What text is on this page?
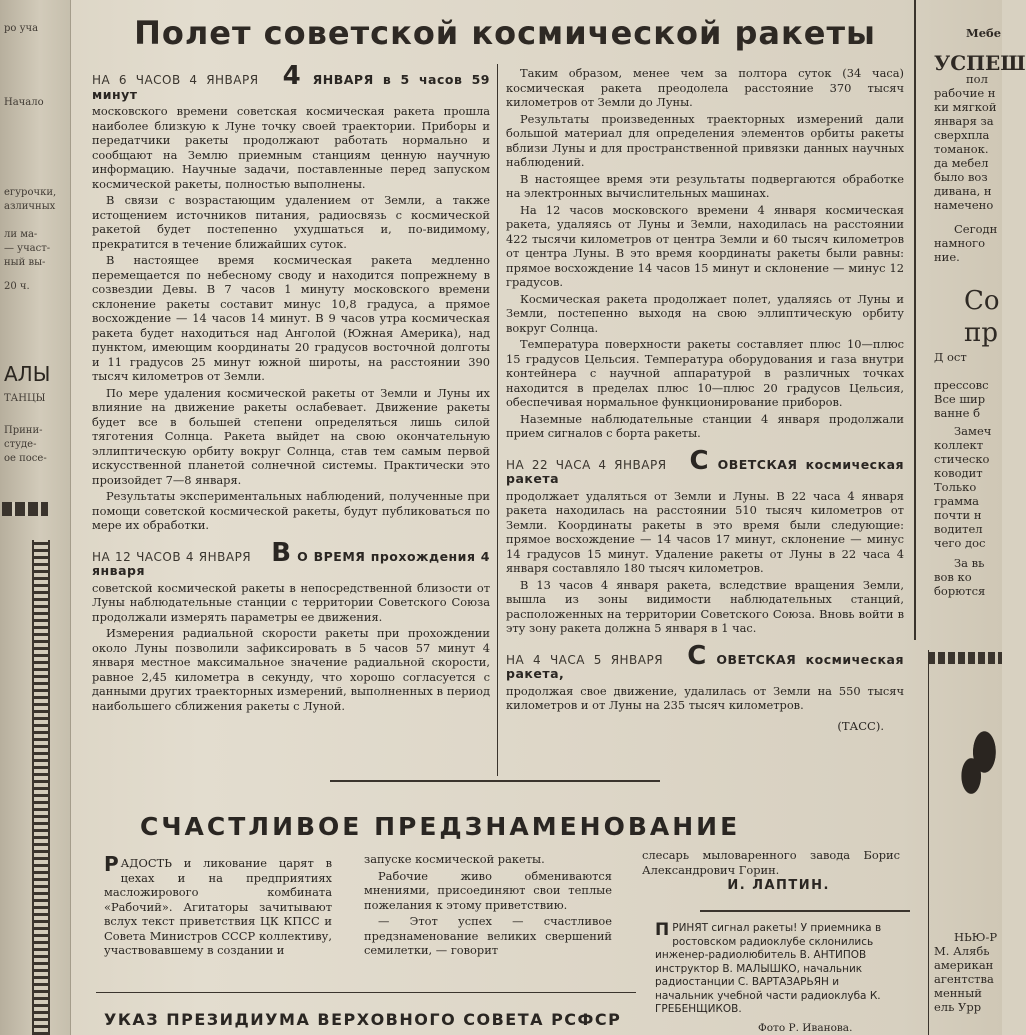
ро уча
Начало
егурочки,
азличных
ли ма-
— участ-
ный вы-
20 ч.
АЛЫ
ТАНЦЫ
Прини-
студе-
ое посе-
Полет советской космической ракеты

НА 6 ЧАСОВ 4 ЯНВАРЯ 4 ЯНВАРЯ в 5 часов 59 минут

московского времени советская космическая ракета прошла наиболее близкую к Луне точку своей траектории. Приборы и передатчики ракеты продолжают работать нормально и сообщают на Землю приемным станциям ценную научную информацию. Научные задачи, поставленные перед запуском космической ракеты, полностью выполнены.

В связи с возрастающим удалением от Земли, а также истощением источников питания, радиосвязь с космической ракетой будет постепенно ухудшаться и, по-видимому, прекратится в течение ближайших суток.

В настоящее время космическая ракета медленно перемещается по небесному своду и находится попрежнему в созвездии Девы. В 7 часов 1 минуту московского времени склонение ракеты составит минус 10,8 градуса, а прямое восхождение — 14 часов 14 минут. В 9 часов утра космическая ракета будет находиться над Анголой (Южная Америка), над пунктом, имеющим координаты 20 градусов восточной долготы и 11 градусов 25 минут южной широты, на расстоянии 390 тысяч километров от Земли.

По мере удаления космической ракеты от Земли и Луны их влияние на движение ракеты ослабевает. Движение ракеты будет все в большей степени определяться лишь силой тяготения Солнца. Ракета выйдет на свою окончательную эллиптическую орбиту вокруг Солнца, став тем самым первой искусственной планетой солнечной системы. Практически это произойдет 7—8 января.

Результаты экспериментальных наблюдений, полученные при помощи советской космической ракеты, будут публиковаться по мере их обработки.

НА 12 ЧАСОВ 4 ЯНВАРЯ В О ВРЕМЯ прохождения 4 января

советской космической ракеты в непосредственной близости от Луны наблюдательные станции с территории Советского Союза продолжали измерять параметры ее движения.

Измерения радиальной скорости ракеты при прохождении около Луны позволили зафиксировать в 5 часов 57 минут 4 января местное максимальное значение радиальной скорости, равное 2,45 километра в секунду, что хорошо согласуется с данными других траекторных измерений, выполненных в период наибольшего сближения ракеты с Луной.

Таким образом, менее чем за полтора суток (34 часа) космическая ракета преодолела расстояние 370 тысяч километров от Земли до Луны.

Результаты произведенных траекторных измерений дали большой материал для определения элементов орбиты ракеты вблизи Луны и для пространственной привязки данных научных наблюдений.

В настоящее время эти результаты подвергаются обработке на электронных вычислительных машинах.

На 12 часов московского времени 4 января космическая ракета, удаляясь от Луны и Земли, находилась на расстоянии 422 тысячи километров от центра Земли и 60 тысяч километров от центра Луны. В это время координаты ракеты были равны: прямое восхождение 14 часов 15 минут и склонение — минус 12 градусов.

Космическая ракета продолжает полет, удаляясь от Луны и Земли, постепенно выходя на свою эллиптическую орбиту вокруг Солнца.

Температура поверхности ракеты составляет плюс 10—плюс 15 градусов Цельсия. Температура оборудования и газа внутри контейнера с научной аппаратурой в различных точках находится в пределах плюс 10—плюс 20 градусов Цельсия, обеспечивая нормальное функционирование приборов.

Наземные наблюдательные станции 4 января продолжали прием сигналов с борта ракеты.

НА 22 ЧАСА 4 ЯНВАРЯ С ОВЕТСКАЯ космическая ракета

продолжает удаляться от Земли и Луны. В 22 часа 4 января ракета находилась на расстоянии 510 тысяч километров от Земли. Координаты ракеты в это время были следующие: прямое восхождение — 14 часов 17 минут, склонение — минус 14 градусов 15 минут. Удаление ракеты от Луны в 22 часа 4 января составляло 180 тысяч километров.

В 13 часов 4 января ракета, вследствие вращения Земли, вышла из зоны видимости наблюдательных станций, расположенных на территории Советского Союза. Вновь войти в эту зону ракета должна 5 января в 1 час.

НА 4 ЧАСА 5 ЯНВАРЯ С ОВЕТСКАЯ космическая ракета,

продолжая свое движение, удалилась от Земли на 550 тысяч километров и от Луны на 235 тысяч километров.

(ТАСС).
СЧАСТЛИВОЕ ПРЕДЗНАМЕНОВАНИЕ

РАДОСТЬ и ликование царят в цехах и на предприятиях масложирового комбината «Рабочий». Агитаторы зачитывают вслух текст приветствия ЦК КПСС и Совета Министров СССР коллективу, участвовавшему в создании и

запуске космической ракеты.

Рабочие живо обмениваются мнениями, присоединяют свои теплые пожелания к этому приветствию.

— Этот успех — счастливое предзнаменование великих свершений семилетки, — говорит

слесарь мыловаренного завода Борис Александрович Горин.

И. ЛАПТИН.
ПРИНЯТ сигнал ракеты! У приемника в ростовском радиоклубе склонились инженер-радиолюбитель В. АНТИПОВ инструктор В. МАЛЫШКО, начальник радиостанции С. ВАРТАЗАРЬЯН и начальник учебной части радиоклуба К. ГРЕБЕНЩИКОВ.
Фото Р. Иванова.
УКАЗ ПРЕЗИДИУМА ВЕРХОВНОГО СОВЕТА РСФСР
Мебе
УСПЕШ
пол
рабочие н
ки мягкой
января за
сверхпла
томанок.
да мебел
было воз
дивана, н
намечено
Сегодн
намного
ние.
Со
пр
Д ост
прессовс
Все шир
ванне б
Замеч
коллект
стическо
ководит
Только
грамма
почти н
водител
чего дос
За вь
вов ко
борются
НЬЮ-Р
М. Алябь
американ
агентства
менный
ель Урр
